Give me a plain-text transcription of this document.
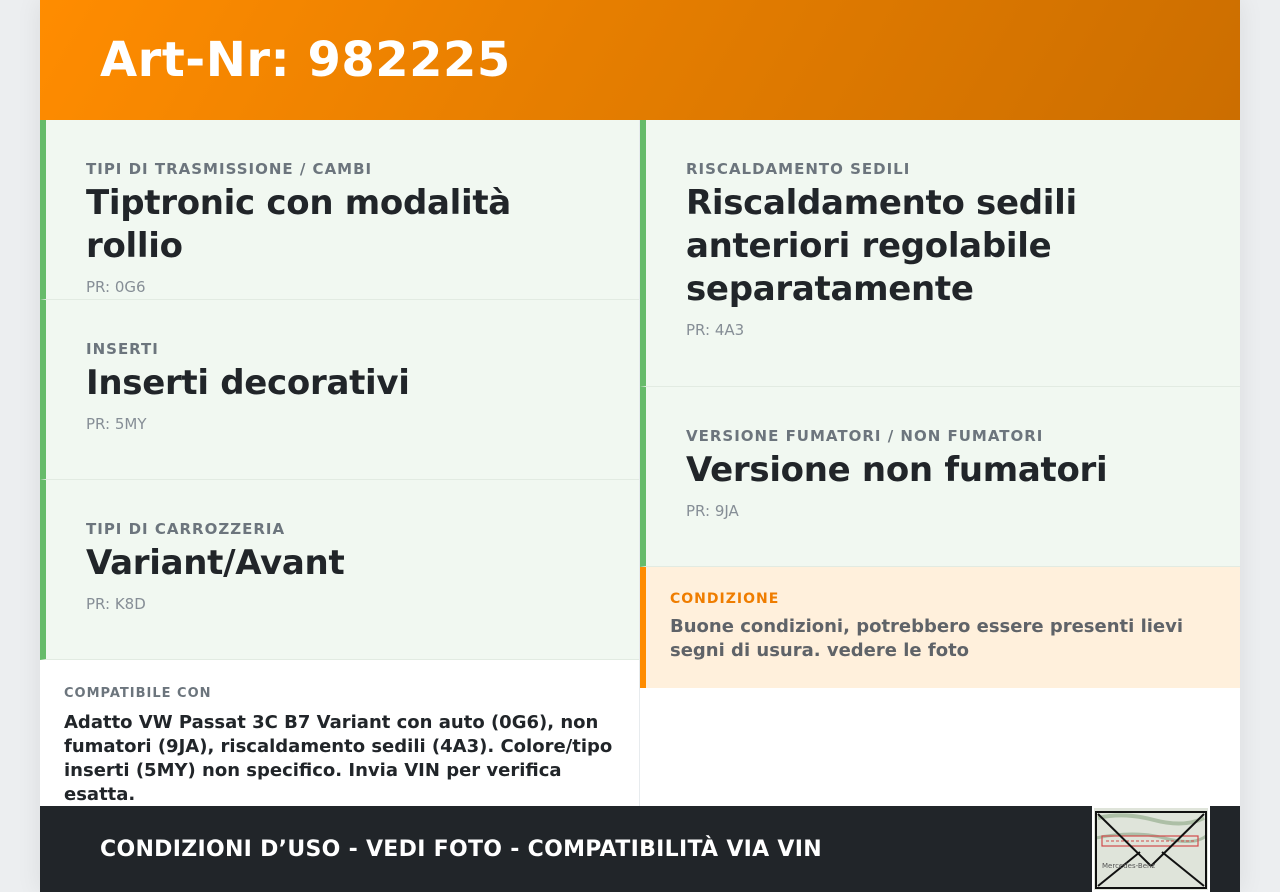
Art-Nr: 982225
TIPI DI TRASMISSIONE / CAMBI
Tiptronic con modalità rollio
PR: 0G6
INSERTI
Inserti decorativi
PR: 5MY
TIPI DI CARROZZERIA
Variant/Avant
PR: K8D
COMPATIBILE CON
Adatto VW Passat 3C B7 Variant con auto (0G6), non fumatori (9JA), riscaldamento sedili (4A3). Colore/tipo inserti (5MY) non specifico. Invia VIN per verifica esatta.
RISCALDAMENTO SEDILI
Riscaldamento sedili anteriori regolabile separatamente
PR: 4A3
VERSIONE FUMATORI / NON FUMATORI
Versione non fumatori
PR: 9JA
CONDIZIONE
Buone condizioni, potrebbero essere presenti lievi segni di usura. vedere le foto
CONDIZIONI D’USO - VEDI FOTO - COMPATIBILITÀ VIA VIN
Mercedes-Benz
